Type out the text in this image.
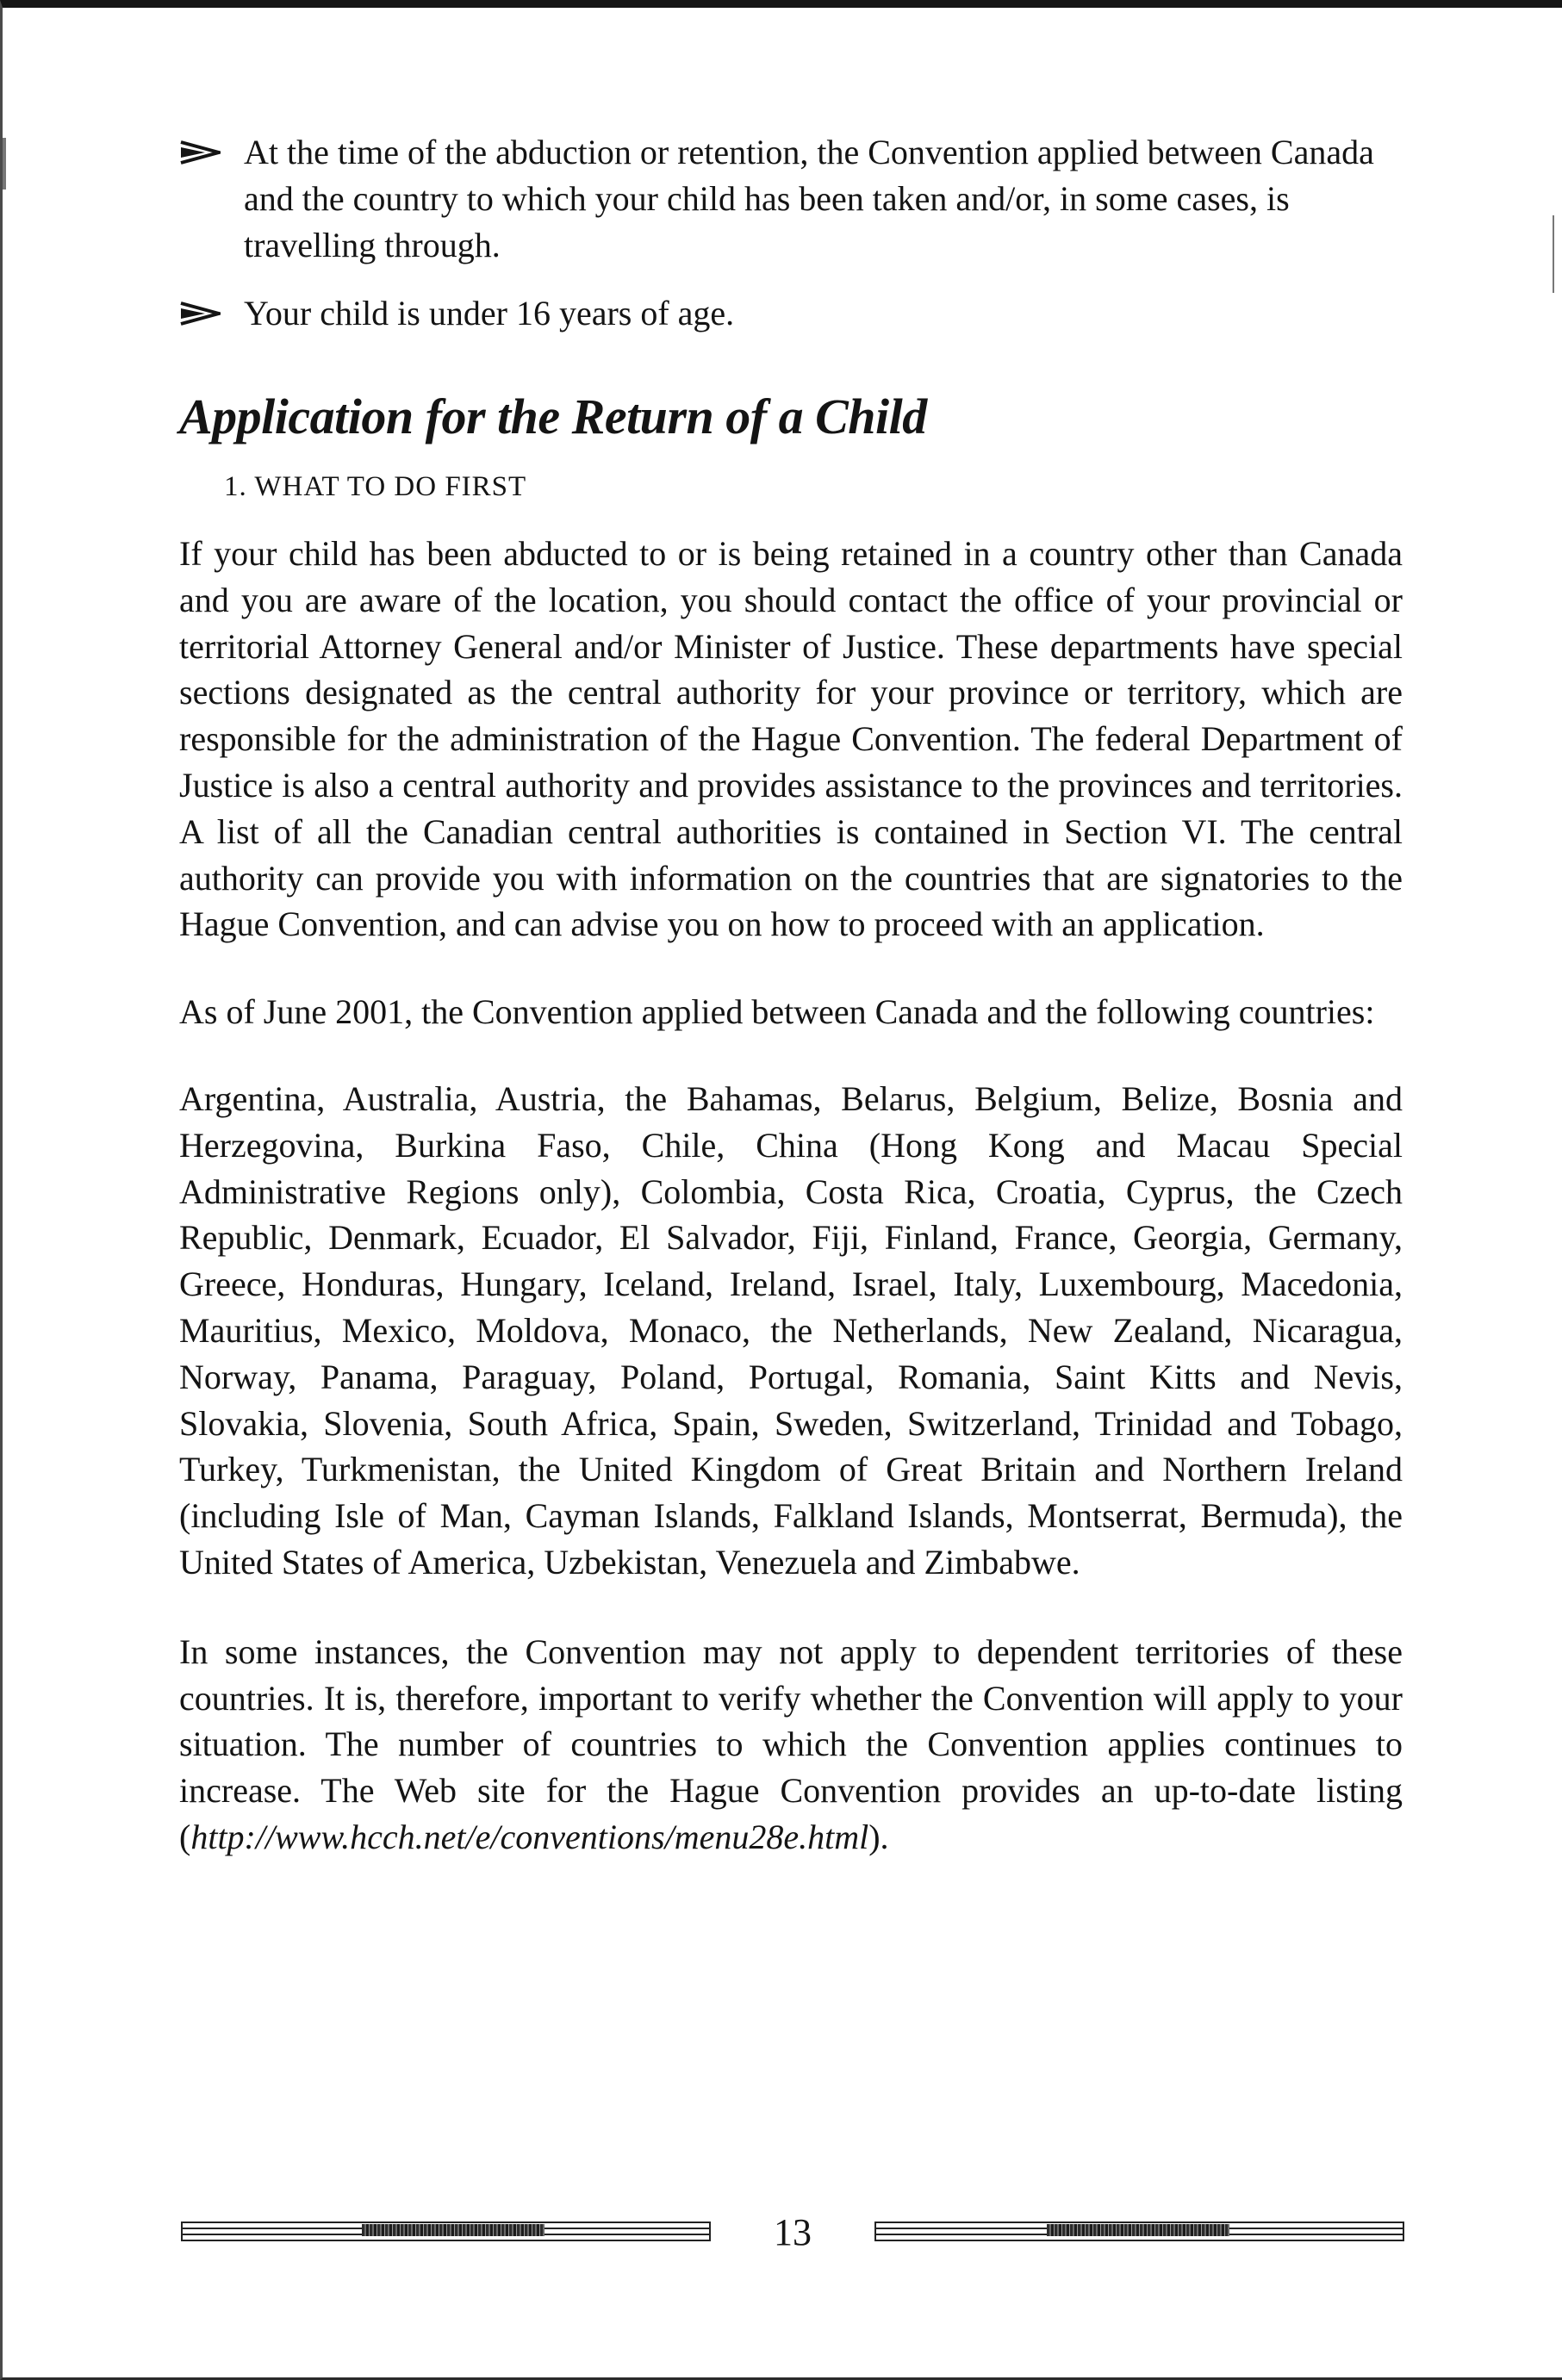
At the time of the abduction or retention, the Convention applied between Canada and the country to which your child has been taken and/or, in some cases, is travelling through.
Your child is under 16 years of age.
Application for the Return of a Child
1. WHAT TO DO FIRST

If your child has been abducted to or is being retained in a country other than Canada and you are aware of the location, you should contact the office of your provincial or territorial Attorney General and/or Minister of Justice. These departments have special sections designated as the central authority for your province or territory, which are responsible for the administration of the Hague Convention. The federal Department of Justice is also a central authority and provides assistance to the provinces and territories. A list of all the Canadian central authorities is contained in Section VI. The central authority can provide you with information on the countries that are signatories to the Hague Convention, and can advise you on how to proceed with an application.

As of June 2001, the Convention applied between Canada and the following countries:

Argentina, Australia, Austria, the Bahamas, Belarus, Belgium, Belize, Bosnia and Herzegovina, Burkina Faso, Chile, China (Hong Kong and Macau Special Administrative Regions only), Colombia, Costa Rica, Croatia, Cyprus, the Czech Republic, Denmark, Ecuador, El Salvador, Fiji, Finland, France, Georgia, Germany, Greece, Honduras, Hungary, Iceland, Ireland, Israel, Italy, Luxembourg, Macedonia, Mauritius, Mexico, Moldova, Monaco, the Netherlands, New Zealand, Nicaragua, Norway, Panama, Paraguay, Poland, Portugal, Romania, Saint Kitts and Nevis, Slovakia, Slovenia, South Africa, Spain, Sweden, Switzerland, Trinidad and Tobago, Turkey, Turkmenistan, the United Kingdom of Great Britain and Northern Ireland (including Isle of Man, Cayman Islands, Falkland Islands, Montserrat, Bermuda), the United States of America, Uzbekistan, Venezuela and Zimbabwe.

In some instances, the Convention may not apply to dependent territories of these countries. It is, therefore, important to verify whether the Convention will apply to your situation. The number of countries to which the Convention applies continues to increase. The Web site for the Hague Convention provides an up-to-date listing (http://www.hcch.net/e/conventions/menu28e.html).

13
